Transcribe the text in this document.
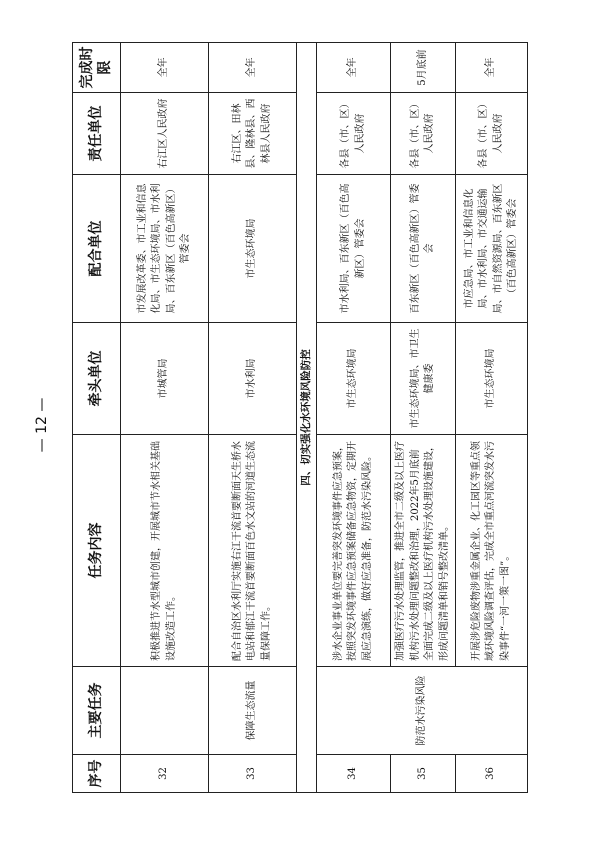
序号	主要任务	任务内容	牵头单位	配合单位	责任单位	完成时限
32		积极推进节水型城市创建，开展城市节水相关基础设施改造工作。	市城管局	市发展改革委、市工业和信息化局、市生态环境局、市水利局、百东新区（百色高新区）管委会	右江区人民政府	全年
33	保障生态流量	配合自治区水利厅实施右江干流首要断面天生桥水电站和郁江干流首要断面百色水文站的河道生态流量保障工作。	市水利局	市生态环境局	右江区、田林县、隆林县、西林县人民政府	全年
四、切实强化水环境风险防控						
34	防范水污染风险	涉水企业事业单位要完善突发环境事件应急预案，按照突发环境事件应急预案储备应急物资，定期开展应急演练，做好应急准备，防范水污染风险。	市生态环境局	市水利局、百东新区（百色高新区）管委会	各县（市、区）人民政府	全年
35		加强医疗污水处理监管，推进全市二级及以上医疗机构污水处理问题整改和治理，2022年5月底前全面完成二级及以上医疗机构污水处理设施建设，形成问题清单和销号整改清单。	市生态环境局、市卫生健康委	百东新区（百色高新区）管委会	各县（市、区）人民政府	5月底前
36		开展涉危险废物涉重金属企业、化工园区等重点领域环境风险调查评估，完成全市重点河流突发水污染事件“一河一策一图”。	市生态环境局	市应急局、市工业和信息化局、市水利局、市交通运输局、市自然资源局、百东新区（百色高新区）管委会	各县（市、区）人民政府	全年
— 12 —
